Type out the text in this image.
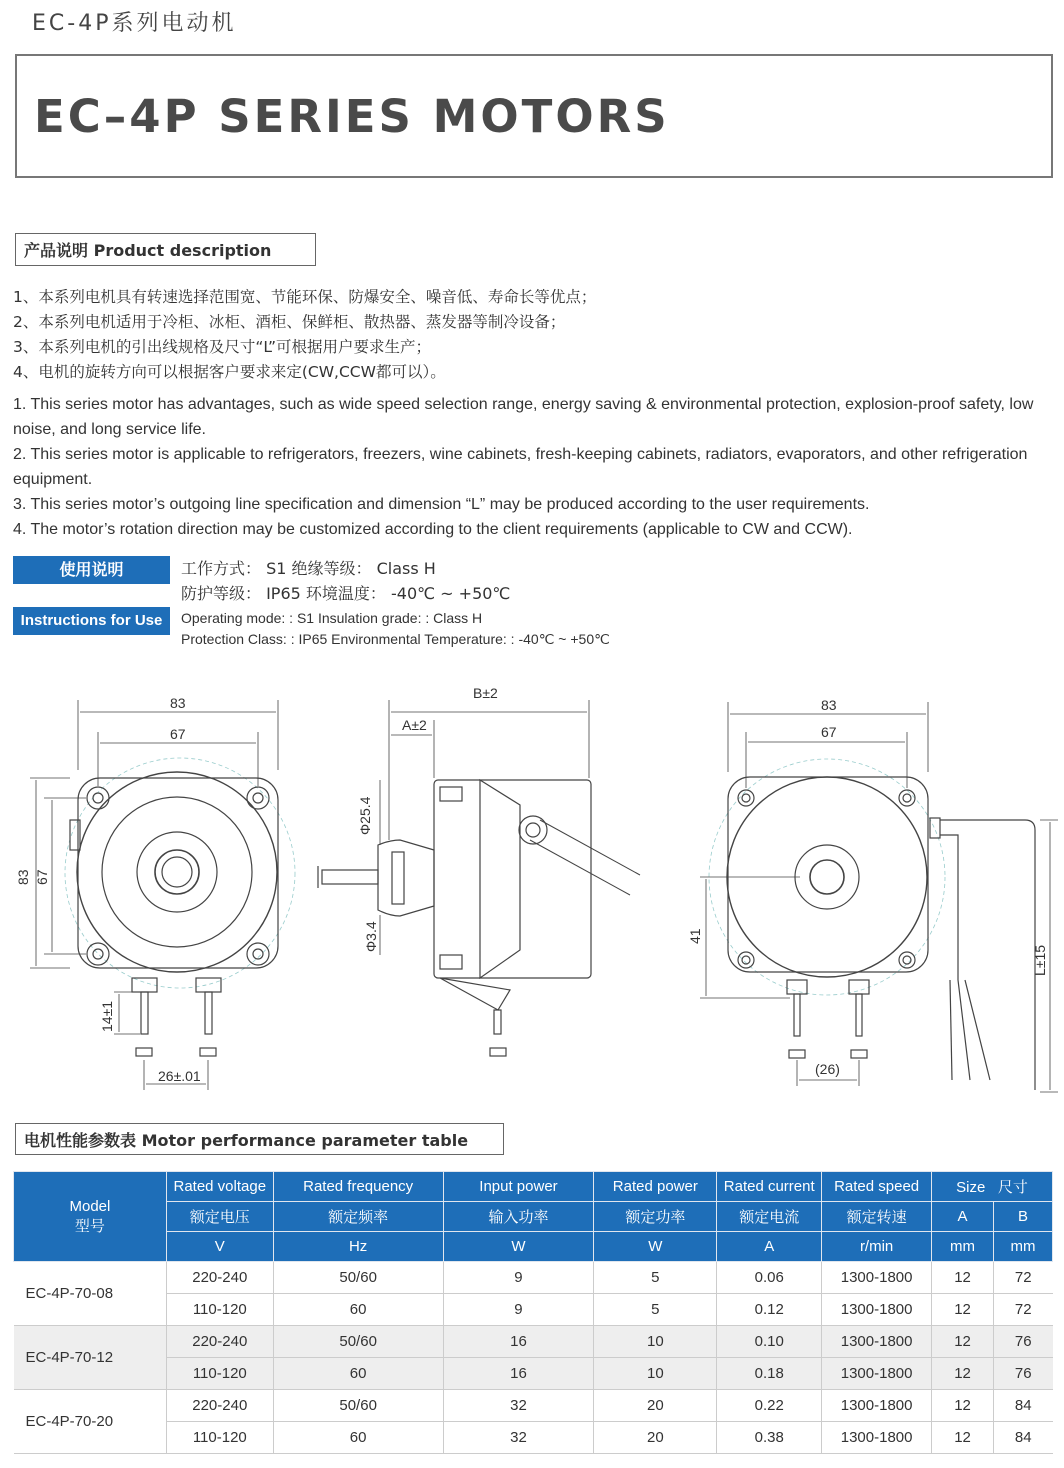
EC-4P系列电动机
EC–4P SERIES MOTORS
产品说明 Product description
1、本系列电机具有转速选择范围宽、节能环保、防爆安全、噪音低、寿命长等优点；
2、本系列电机适用于冷柜、冰柜、酒柜、保鲜柜、散热器、蒸发器等制冷设备；
3、本系列电机的引出线规格及尺寸“L”可根据用户要求生产；
4、电机的旋转方向可以根据客户要求来定(CW,CCW都可以）。
1. This series motor has advantages, such as wide speed selection range, energy saving & environmental protection, explosion-proof safety, low noise, and long service life.
2. This series motor is applicable to refrigerators, freezers, wine cabinets, fresh-keeping cabinets, radiators, evaporators, and other refrigeration equipment.
3. This series motor’s outgoing line specification and dimension “L” may be produced according to the user requirements.
4. The motor’s rotation direction may be customized according to the client requirements (applicable to CW and CCW).
使用说明
Instructions for Use
工作方式： S1 绝缘等级： Class H
防护等级： IP65 环境温度： -40℃ ~ +50℃
Operating mode: : S1 Insulation grade: : Class H
Protection Class: : IP65 Environmental Temperature: : -40℃ ~ +50℃
83
67
83 67
14±1
26±.01
B±2
A±2
Φ25.4
Φ3.4
83
67
41
(26)
L±15
电机性能参数表 Motor performance parameter table
Model
型号	Rated voltage	Rated frequency	Input power	Rated power	Rated current	Rated speed	Size 尺寸	
	额定电压	额定频率	输入功率	额定功率	额定电流	额定转速	A	B
	V	Hz	W	W	A	r/min	mm	mm
EC-4P-70-08	220-240	50/60	9	5	0.06	1300-1800	12	72
	110-120	60	9	5	0.12	1300-1800	12	72
EC-4P-70-12	220-240	50/60	16	10	0.10	1300-1800	12	76
	110-120	60	16	10	0.18	1300-1800	12	76
EC-4P-70-20	220-240	50/60	32	20	0.22	1300-1800	12	84
	110-120	60	32	20	0.38	1300-1800	12	84
